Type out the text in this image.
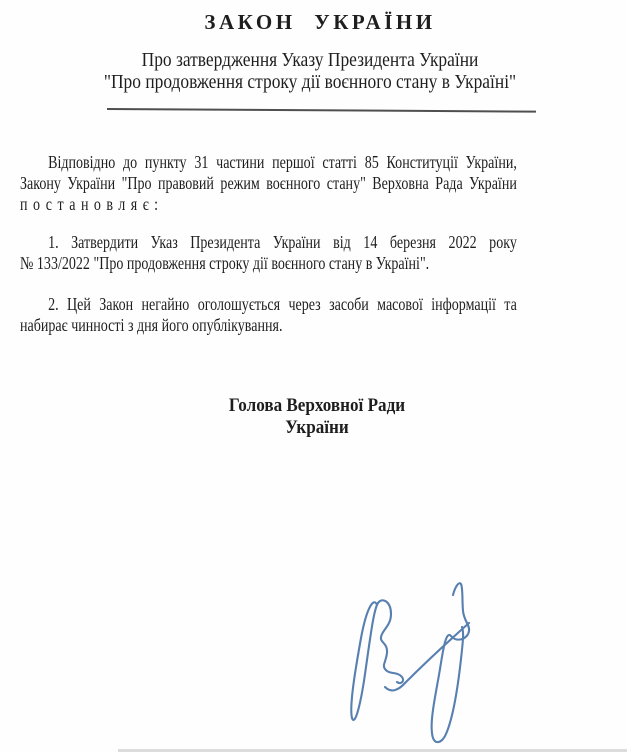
ЗАКОН УКРАЇНИ
Про затвердження Указу Президента України
"Про продовження строку дії воєнного стану в Україні"
Відповідно до пункту 31 частини першої статті 85 Конституції України,
Закону України "Про правовий режим воєнного стану" Верховна Рада України
постановляє:
1. Затвердити Указ Президента України від 14 березня 2022 року
№ 133/2022 "Про продовження строку дії воєнного стану в Україні".
2. Цей Закон негайно оголошується через засоби масової інформації та
набирає чинності з дня його опублікування.
Голова Верховної Ради
України
